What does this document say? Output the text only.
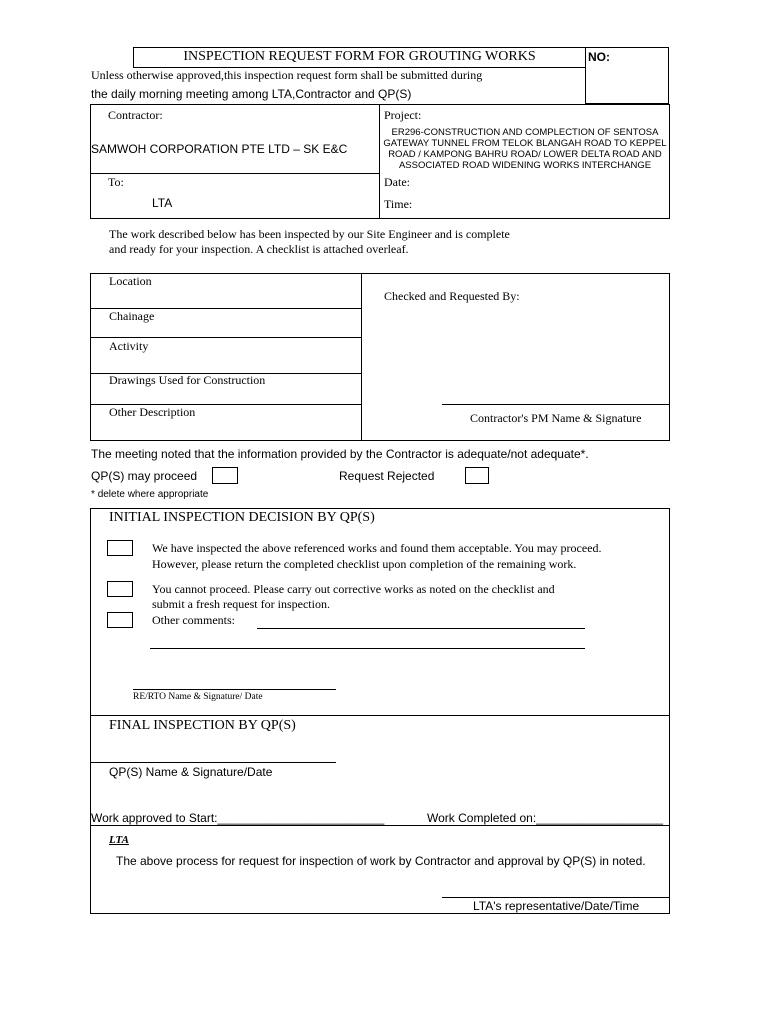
INSPECTION REQUEST FORM FOR GROUTING WORKS	NO:
Unless otherwise approved,this inspection request form shall be submitted during
the daily morning meeting among LTA,Contractor and QP(S)
Contractor:
SAMWOH CORPORATION PTE LTD – SK E&C
Project:
ER296-CONSTRUCTION AND COMPLECTION OF SENTOSA
GATEWAY TUNNEL FROM TELOK BLANGAH ROAD TO KEPPEL
ROAD / KAMPONG BAHRU ROAD/ LOWER DELTA ROAD AND
ASSOCIATED ROAD WIDENING WORKS INTERCHANGE
To:
LTA
Date:
Time:
The work described below has been inspected by our Site Engineer and is complete
and ready for your inspection. A checklist is attached overleaf.
Location
Chainage
Activity
Drawings Used for Construction
Other Description
Checked and Requested By:
Contractor's PM Name & Signature
The meeting noted that the information provided by the Contractor is adequate/not adequate*.
QP(S) may proceed	Request Rejected
* delete where appropriate
INITIAL INSPECTION DECISION BY QP(S)
We have inspected the above referenced works and found them acceptable. You may proceed.
However, please return the completed checklist upon completion of the remaining work.
You cannot proceed. Please carry out corrective works as noted on the checklist and
submit a fresh request for inspection.
Other comments:
RE/RTO Name & Signature/ Date
FINAL INSPECTION BY QP(S)
QP(S) Name & Signature/Date
Work approved to Start:_________________________	Work Completed on:___________________
LTA
The above process for request for inspection of work by Contractor and approval by QP(S) in noted.
LTA's representative/Date/Time
